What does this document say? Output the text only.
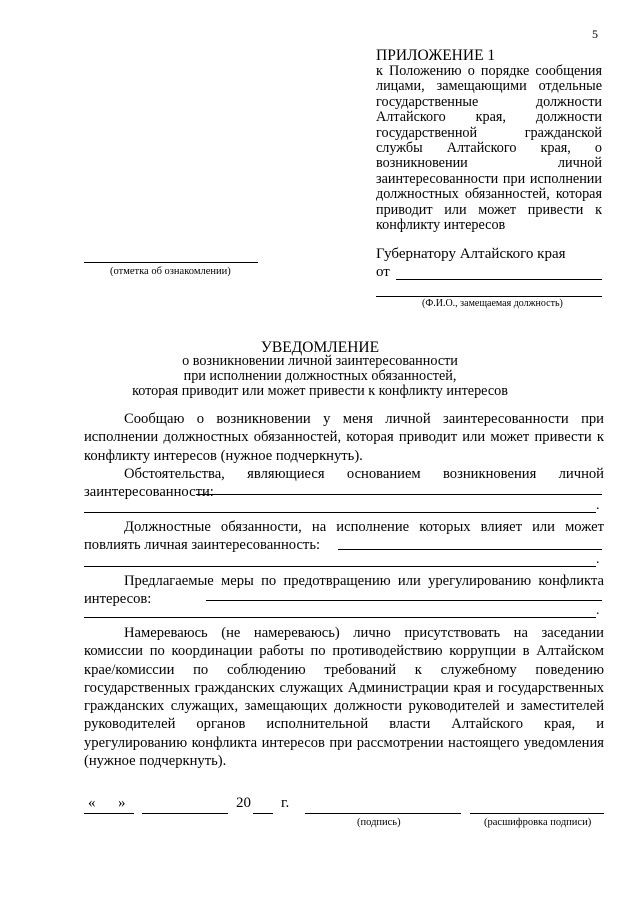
5
ПРИЛОЖЕНИЕ 1
к Положению о порядке сообщения лицами, замещающими отдельные государственные должности Алтайского края, должности государственной гражданской службы Алтайского края, о возникновении личной заинтересованности при исполнении должностных обязанностей, которая приводит или может привести к конфликту интересов
(отметка об ознакомлении)
Губернатору Алтайского края
от
(Ф.И.О., замещаемая должность)
УВЕДОМЛЕНИЕ
о возникновении личной заинтересованности
при исполнении должностных обязанностей,
которая приводит или может привести к конфликту интересов
Сообщаю о возникновении у меня личной заинтересованности при исполнении должностных обязанностей, которая приводит или может привести к конфликту интересов (нужное подчеркнуть).
Обстоятельства, являющиеся основанием возникновения личной заинтересованности:
.
Должностные обязанности, на исполнение которых влияет или может повлиять личная заинтересованность:
.
Предлагаемые меры по предотвращению или урегулированию конфликта интересов:
.
Намереваюсь (не намереваюсь) лично присутствовать на заседании комиссии по координации работы по противодействию коррупции в Алтайском крае/комиссии по соблюдению требований к служебному поведению государственных гражданских служащих Администрации края и государственных гражданских служащих, замещающих должности руководителей и заместителей руководителей органов исполнительной власти Алтайского края, и урегулированию конфликта интересов при рассмотрении настоящего уведомления (нужное подчеркнуть).
« »	20 г.
(подпись)	(расшифровка подписи)
